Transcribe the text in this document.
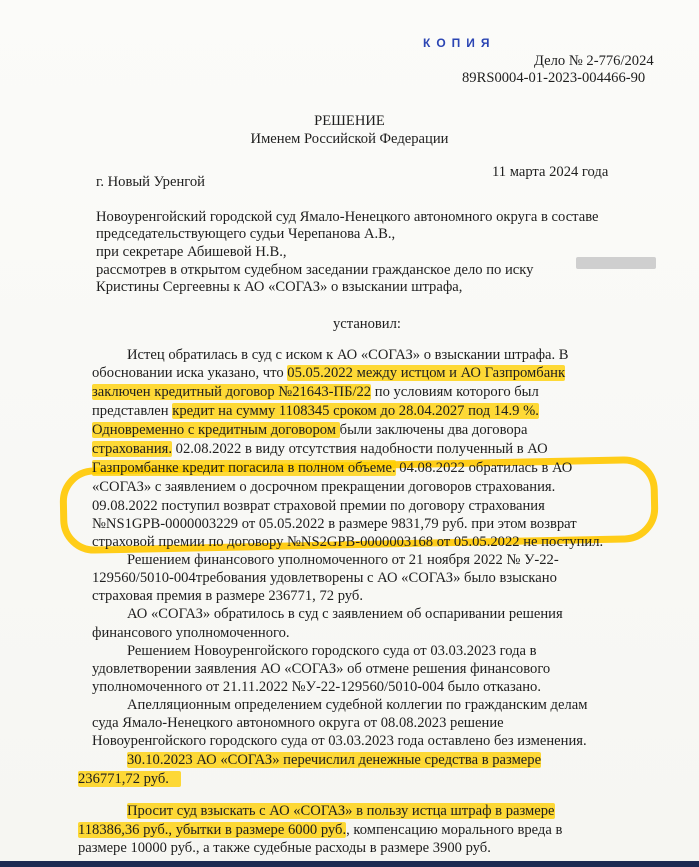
КОПИЯ
Дело № 2-776/2024
89RS0004-01-2023-004466-90
РЕШЕНИЕ
Именем Российской Федерации
г. Новый Уренгой
11 марта 2024 года
Новоуренгойский городской суд Ямало-Ненецкого автономного округа в составе
председательствующего судьи Черепанова А.В.,
при секретаре Абишевой Н.В.,
рассмотрев в открытом судебном заседании гражданское дело по иску
Кристины Сергеевны к АО «СОГАЗ» о взыскании штрафа,
установил:
Истец обратилась в суд с иском к АО «СОГАЗ» о взыскании штрафа. В
обосновании иска указано, что 05.05.2022 между истцом и АО Газпромбанк
заключен кредитный договор №21643-ПБ/22 по условиям которого был
представлен кредит на сумму 1108345 сроком до 28.04.2027 под 14.9 %.
Одновременно с кредитным договором были заключены два договора
страхования. 02.08.2022 в виду отсутствия надобности полученный в АО
Газпромбанке кредит погасила в полном объеме. 04.08.2022 обратилась в АО
«СОГАЗ» с заявлением о досрочном прекращении договоров страхования.
09.08.2022 поступил возврат страховой премии по договору страхования
№NS1GPB-0000003229 от 05.05.2022 в размере 9831,79 руб. при этом возврат
страховой премии по договору №NS2GPB-0000003168 от 05.05.2022 не поступил.
Решением финансового уполномоченного от 21 ноября 2022 № У-22-
129560/5010-004требования удовлетворены с АО «СОГАЗ» было взыскано
страховая премия в размере 236771, 72 руб.
АО «СОГАЗ» обратилось в суд с заявлением об оспаривании решения
финансового уполномоченного.
Решением Новоуренгойского городского суда от 03.03.2023 года в
удовлетворении заявления АО «СОГАЗ» об отмене решения финансового
уполномоченного от 21.11.2022 №У-22-129560/5010-004 было отказано.
Апелляционным определением судебной коллегии по гражданским делам
суда Ямало-Ненецкого автономного округа от 08.08.2023 решение
Новоуренгойского городского суда от 03.03.2023 года оставлено без изменения.
30.10.2023 АО «СОГАЗ» перечислил денежные средства в размере
236771,72 руб.
Просит суд взыскать с АО «СОГАЗ» в пользу истца штраф в размере
118386,36 руб., убытки в размере 6000 руб., компенсацию морального вреда в
размере 10000 руб., а также судебные расходы в размере 3900 руб.
